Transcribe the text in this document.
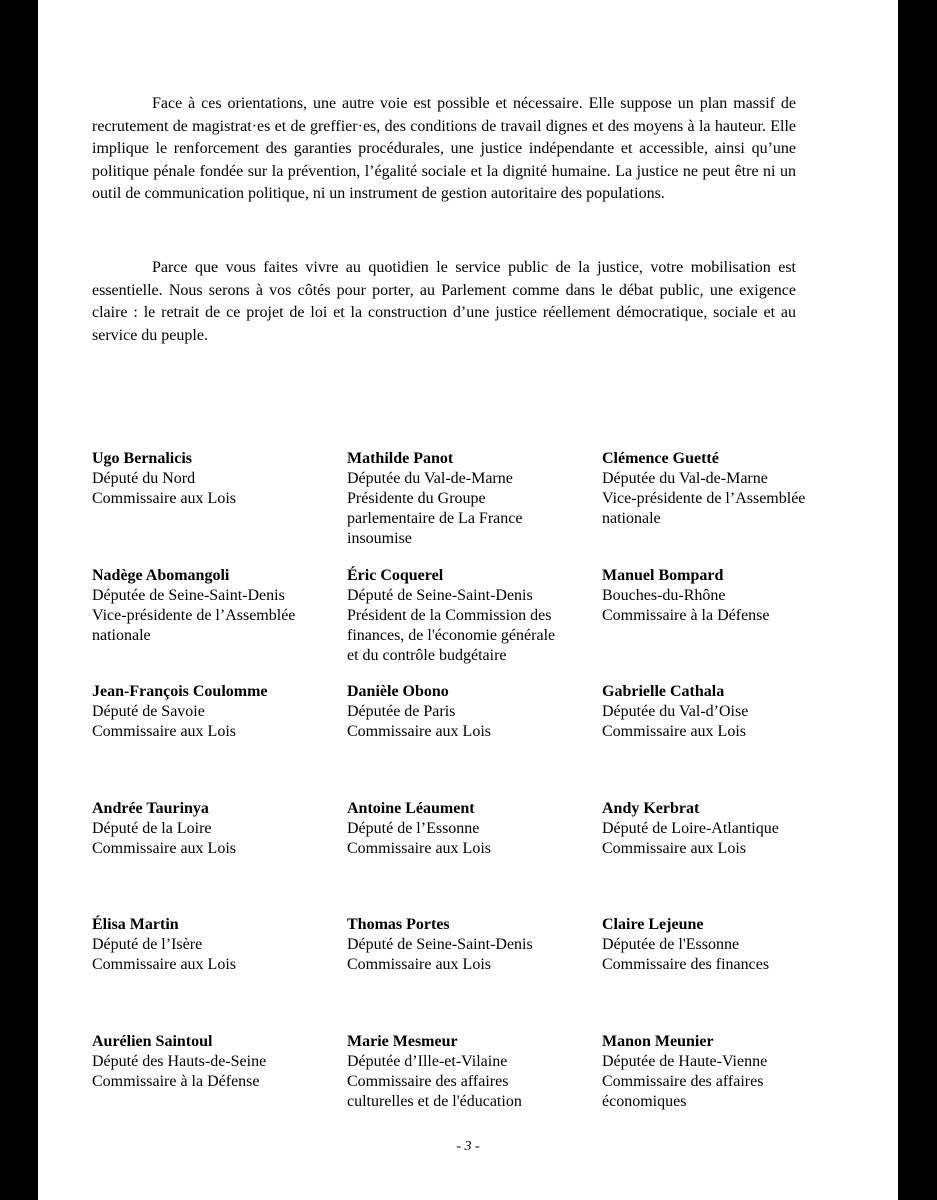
Face à ces orientations, une autre voie est possible et nécessaire. Elle suppose un plan massif de recrutement de magistrat·es et de greffier·es, des conditions de travail dignes et des moyens à la hauteur. Elle implique le renforcement des garanties procédurales, une justice indépendante et accessible, ainsi qu’une politique pénale fondée sur la prévention, l’égalité sociale et la dignité humaine. La justice ne peut être ni un outil de communication politique, ni un instrument de gestion autoritaire des populations.

Parce que vous faites vivre au quotidien le service public de la justice, votre mobilisation est essentielle. Nous serons à vos côtés pour porter, au Parlement comme dans le débat public, une exigence claire : le retrait de ce projet de loi et la construction d’une justice réellement démocratique, sociale et au service du peuple.

Ugo Bernalicis
Député du Nord
Commissaire aux Lois
Mathilde Panot
Députée du Val-de-Marne
Présidente du Groupe
parlementaire de La France
insoumise
Clémence Guetté
Députée du Val-de-Marne
Vice-présidente de l’Assemblée
nationale
Nadège Abomangoli
Députée de Seine-Saint-Denis
Vice-présidente de l’Assemblée
nationale
Éric Coquerel
Député de Seine-Saint-Denis
Président de la Commission des
finances, de l'économie générale
et du contrôle budgétaire
Manuel Bompard
Bouches-du-Rhône
Commissaire à la Défense
Jean-François Coulomme
Député de Savoie
Commissaire aux Lois
Danièle Obono
Députée de Paris
Commissaire aux Lois
Gabrielle Cathala
Députée du Val-d’Oise
Commissaire aux Lois
Andrée Taurinya
Député de la Loire
Commissaire aux Lois
Antoine Léaument
Député de l’Essonne
Commissaire aux Lois
Andy Kerbrat
Député de Loire-Atlantique
Commissaire aux Lois
Élisa Martin
Député de l’Isère
Commissaire aux Lois
Thomas Portes
Député de Seine-Saint-Denis
Commissaire aux Lois
Claire Lejeune
Députée de l'Essonne
Commissaire des finances
Aurélien Saintoul
Député des Hauts-de-Seine
Commissaire à la Défense
Marie Mesmeur
Députée d’Ille-et-Vilaine
Commissaire des affaires
culturelles et de l'éducation
Manon Meunier
Députée de Haute-Vienne
Commissaire des affaires
économiques
- 3 -
